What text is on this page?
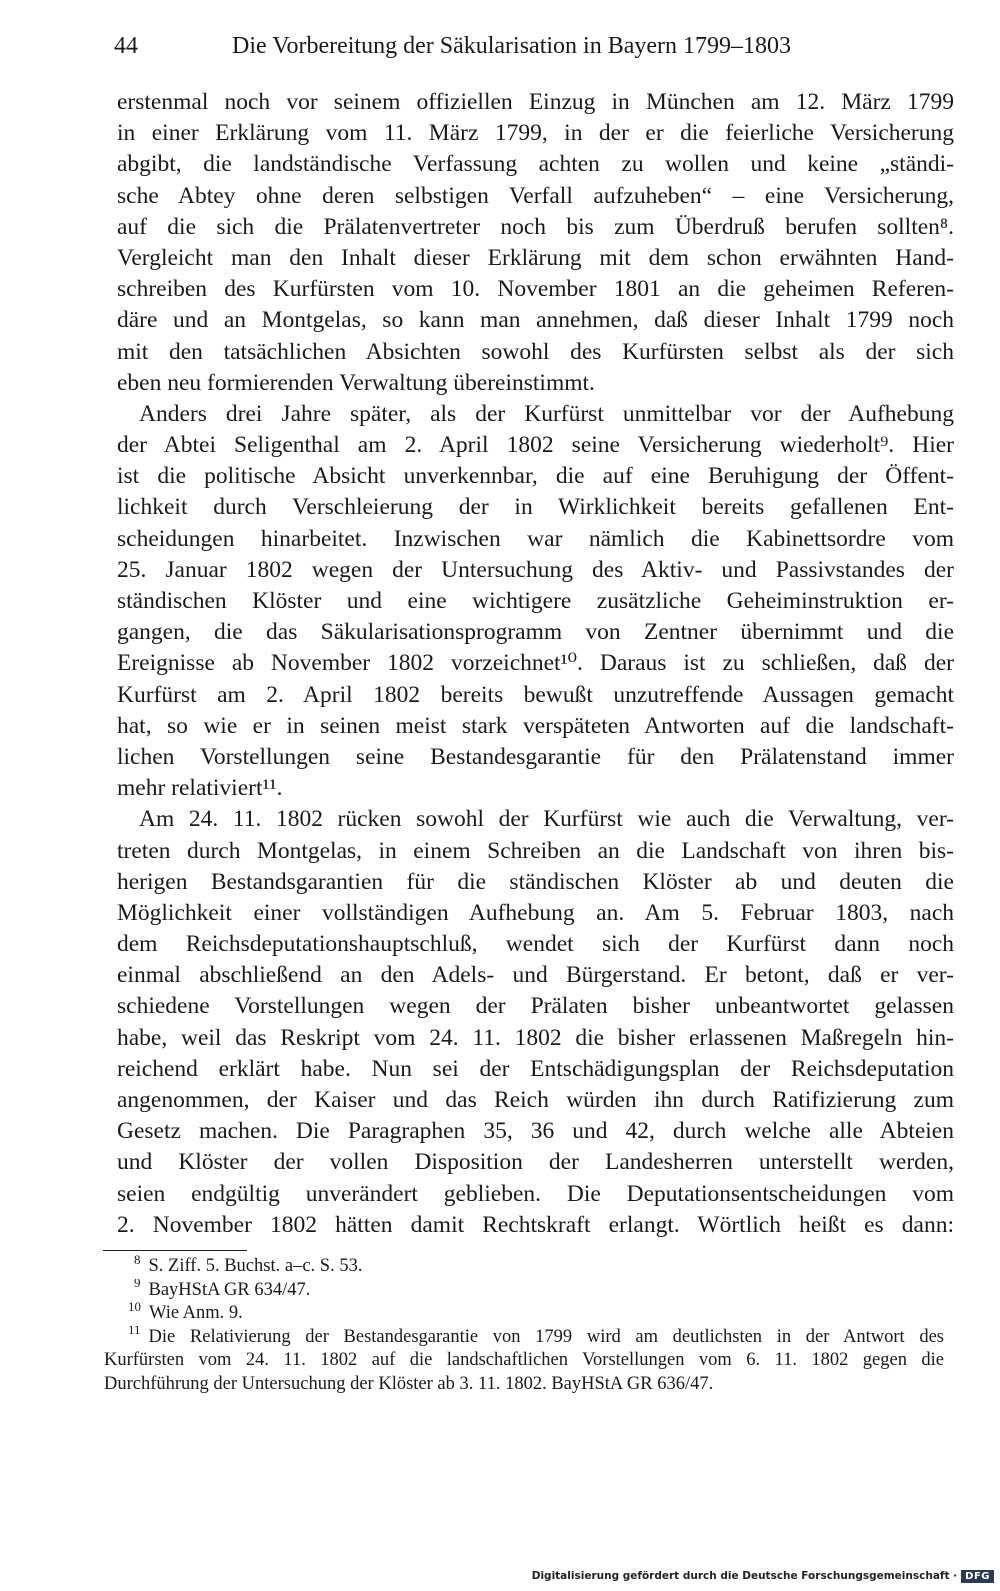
44	Die Vorbereitung der Säkularisation in Bayern 1799–1803
erstenmal noch vor seinem offiziellen Einzug in München am 12. März 1799
in einer Erklärung vom 11. März 1799, in der er die feierliche Versicherung
abgibt, die landständische Verfassung achten zu wollen und keine „ständi-
sche Abtey ohne deren selbstigen Verfall aufzuheben“ – eine Versicherung,
auf die sich die Prälatenvertreter noch bis zum Überdruß berufen sollten⁸.
Vergleicht man den Inhalt dieser Erklärung mit dem schon erwähnten Hand-
schreiben des Kurfürsten vom 10. November 1801 an die geheimen Referen-
däre und an Montgelas, so kann man annehmen, daß dieser Inhalt 1799 noch
mit den tatsächlichen Absichten sowohl des Kurfürsten selbst als der sich
eben neu formierenden Verwaltung übereinstimmt.
Anders drei Jahre später, als der Kurfürst unmittelbar vor der Aufhebung
der Abtei Seligenthal am 2. April 1802 seine Versicherung wiederholt⁹. Hier
ist die politische Absicht unverkennbar, die auf eine Beruhigung der Öffent-
lichkeit durch Verschleierung der in Wirklichkeit bereits gefallenen Ent-
scheidungen hinarbeitet. Inzwischen war nämlich die Kabinettsordre vom
25. Januar 1802 wegen der Untersuchung des Aktiv- und Passivstandes der
ständischen Klöster und eine wichtigere zusätzliche Geheiminstruktion er-
gangen, die das Säkularisationsprogramm von Zentner übernimmt und die
Ereignisse ab November 1802 vorzeichnet¹⁰. Daraus ist zu schließen, daß der
Kurfürst am 2. April 1802 bereits bewußt unzutreffende Aussagen gemacht
hat, so wie er in seinen meist stark verspäteten Antworten auf die landschaft-
lichen Vorstellungen seine Bestandesgarantie für den Prälatenstand immer
mehr relativiert¹¹.
Am 24. 11. 1802 rücken sowohl der Kurfürst wie auch die Verwaltung, ver-
treten durch Montgelas, in einem Schreiben an die Landschaft von ihren bis-
herigen Bestandsgarantien für die ständischen Klöster ab und deuten die
Möglichkeit einer vollständigen Aufhebung an. Am 5. Februar 1803, nach
dem Reichsdeputationshauptschluß, wendet sich der Kurfürst dann noch
einmal abschließend an den Adels- und Bürgerstand. Er betont, daß er ver-
schiedene Vorstellungen wegen der Prälaten bisher unbeantwortet gelassen
habe, weil das Reskript vom 24. 11. 1802 die bisher erlassenen Maßregeln hin-
reichend erklärt habe. Nun sei der Entschädigungsplan der Reichsdeputation
angenommen, der Kaiser und das Reich würden ihn durch Ratifizierung zum
Gesetz machen. Die Paragraphen 35, 36 und 42, durch welche alle Abteien
und Klöster der vollen Disposition der Landesherren unterstellt werden,
seien endgültig unverändert geblieben. Die Deputationsentscheidungen vom
2. November 1802 hätten damit Rechtskraft erlangt. Wörtlich heißt es dann:
$^8$ S. Ziff. 5. Buchst. a–c. S. 53.
$^9$ BayHStA GR 634/47.
$^{10}$ Wie Anm. 9.
$^{11}$ Die Relativierung der Bestandesgarantie von 1799 wird am deutlichsten in der Antwort des
Kurfürsten vom 24. 11. 1802 auf die landschaftlichen Vorstellungen vom 6. 11. 1802 gegen die
Durchführung der Untersuchung der Klöster ab 3. 11. 1802. BayHStA GR 636/47.
Digitalisierung gefördert durch die Deutsche Forschungsgemeinschaft · DFG
